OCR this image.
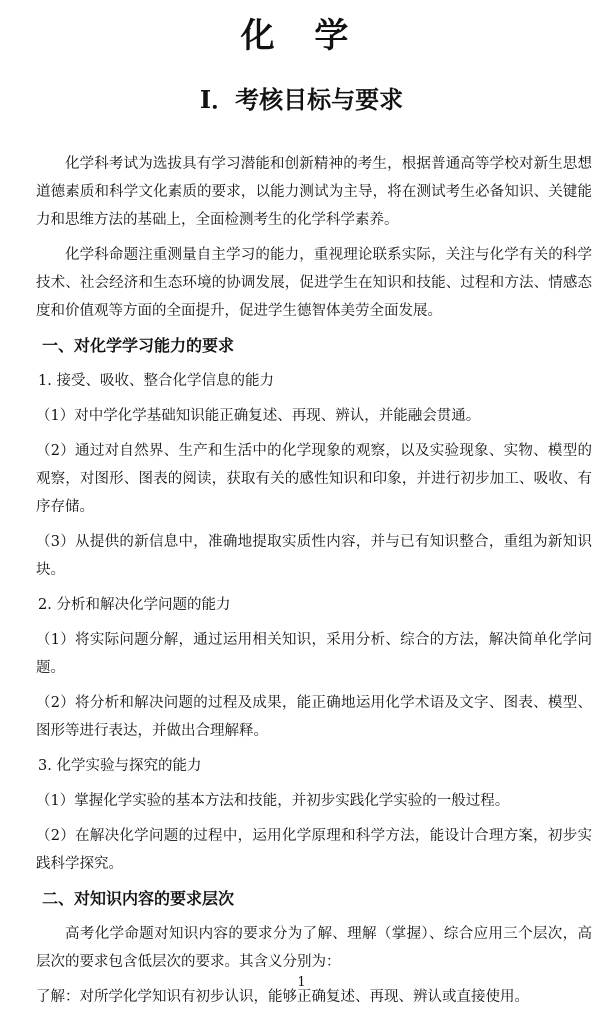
化 学
Ⅰ．考核目标与要求

化学科考试为选拔具有学习潜能和创新精神的考生，根据普通高等学校对新生思想道德素质和科学文化素质的要求，以能力测试为主导，将在测试考生必备知识、关键能力和思维方法的基础上，全面检测考生的化学科学素养。

化学科命题注重测量自主学习的能力，重视理论联系实际，关注与化学有关的科学技术、社会经济和生态环境的协调发展，促进学生在知识和技能、过程和方法、情感态度和价值观等方面的全面提升，促进学生德智体美劳全面发展。

一、对化学学习能力的要求
1. 接受、吸收、整合化学信息的能力

（1）对中学化学基础知识能正确复述、再现、辨认，并能融会贯通。

（2）通过对自然界、生产和生活中的化学现象的观察，以及实验现象、实物、模型的观察，对图形、图表的阅读，获取有关的感性知识和印象，并进行初步加工、吸收、有序存储。

（3）从提供的新信息中，准确地提取实质性内容，并与已有知识整合，重组为新知识块。

2. 分析和解决化学问题的能力

（1）将实际问题分解，通过运用相关知识，采用分析、综合的方法，解决简单化学问题。

（2）将分析和解决问题的过程及成果，能正确地运用化学术语及文字、图表、模型、图形等进行表达，并做出合理解释。

3. 化学实验与探究的能力

（1）掌握化学实验的基本方法和技能，并初步实践化学实验的一般过程。

（2）在解决化学问题的过程中，运用化学原理和科学方法，能设计合理方案，初步实践科学探究。

二、对知识内容的要求层次

高考化学命题对知识内容的要求分为了解、理解（掌握）、综合应用三个层次，高层次的要求包含低层次的要求。其含义分别为：

了解：对所学化学知识有初步认识，能够正确复述、再现、辨认或直接使用。

1
